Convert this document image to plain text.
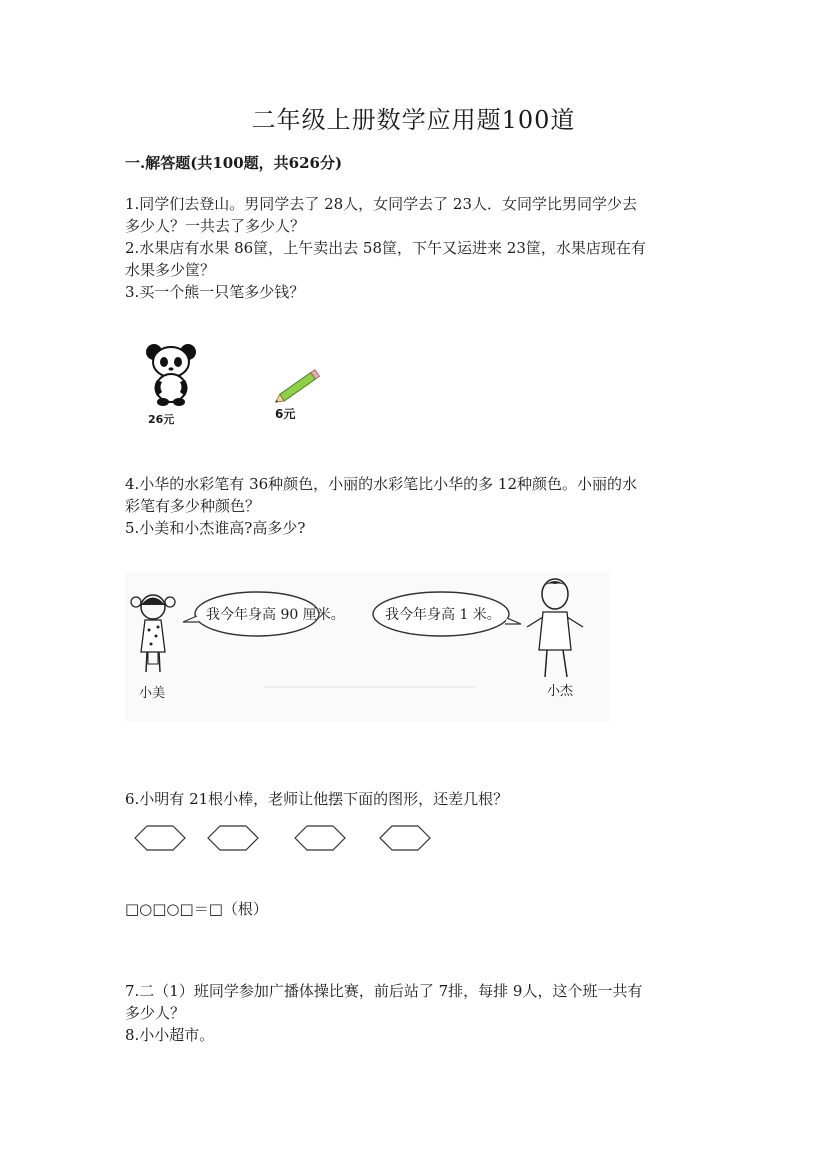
二年级上册数学应用题100道
一.解答题(共100题，共626分)
1.同学们去登山。男同学去了 28人，女同学去了 23人．女同学比男同学少去
多少人？一共去了多少人？
2.水果店有水果 86筐，上午卖出去 58筐，下午又运进来 23筐，水果店现在有
水果多少筐？
3.买一个熊一只笔多少钱？
26元	6元
4.小华的水彩笔有 36种颜色，小丽的水彩笔比小华的多 12种颜色。小丽的水
彩笔有多少种颜色？
5.小美和小杰谁高?高多少?
我今年身高 90 厘米。	我今年身高 1 米。
小美	小杰
6.小明有 21根小棒，老师让他摆下面的图形，还差几根？
□○□○□＝□（根）
7.二（1）班同学参加广播体操比赛，前后站了 7排，每排 9人，这个班一共有
多少人？
8.小小超市。
